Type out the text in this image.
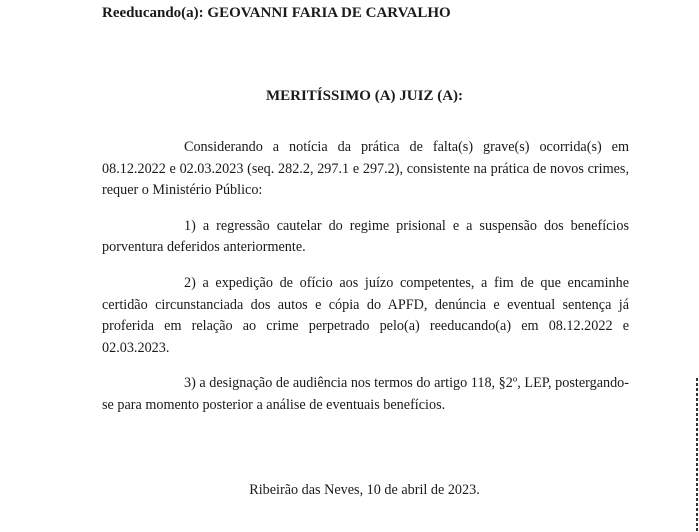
Reeducando(a): GEOVANNI FARIA DE CARVALHO
MERITÍSSIMO (A) JUIZ (A):

Considerando a notícia da prática de falta(s) grave(s) ocorrida(s) em 08.12.2022 e 02.03.2023 (seq. 282.2, 297.1 e 297.2), consistente na prática de novos crimes, requer o Ministério Público:

1) a regressão cautelar do regime prisional e a suspensão dos benefícios porventura deferidos anteriormente.

2) a expedição de ofício aos juízo competentes, a fim de que encaminhe certidão circunstanciada dos autos e cópia do APFD, denúncia e eventual sentença já proferida em relação ao crime perpetrado pelo(a) reeducando(a) em 08.12.2022 e 02.03.2023.

3) a designação de audiência nos termos do artigo 118, §2º, LEP, postergando-se para momento posterior a análise de eventuais benefícios.

Ribeirão das Neves, 10 de abril de 2023.
